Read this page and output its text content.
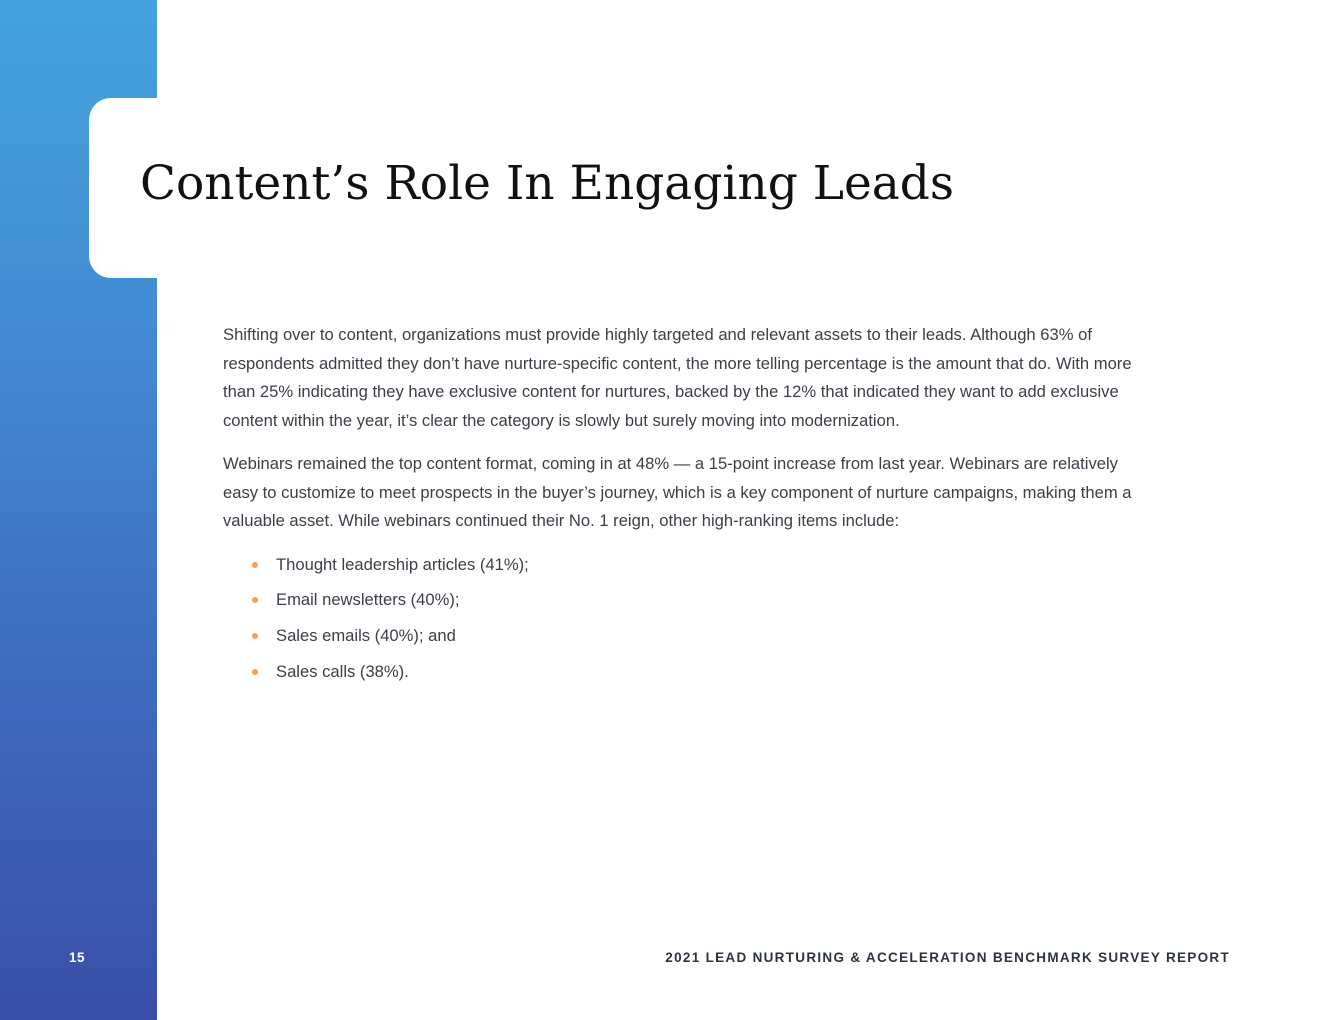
Content’s Role In Engaging Leads

Shifting over to content, organizations must provide highly targeted and relevant assets to their leads. Although 63% of respondents admitted they don’t have nurture-specific content, the more telling percentage is the amount that do. With more than 25% indicating they have exclusive content for nurtures, backed by the 12% that indicated they want to add exclusive content within the year, it’s clear the category is slowly but surely moving into modernization.

Webinars remained the top content format, coming in at 48% — a 15-point increase from last year. Webinars are relatively easy to customize to meet prospects in the buyer’s journey, which is a key component of nurture campaigns, making them a valuable asset. While webinars continued their No. 1 reign, other high-ranking items include:

Thought leadership articles (41%);
Email newsletters (40%);
Sales emails (40%); and
Sales calls (38%).
15	2021 LEAD NURTURING & ACCELERATION BENCHMARK SURVEY REPORT
